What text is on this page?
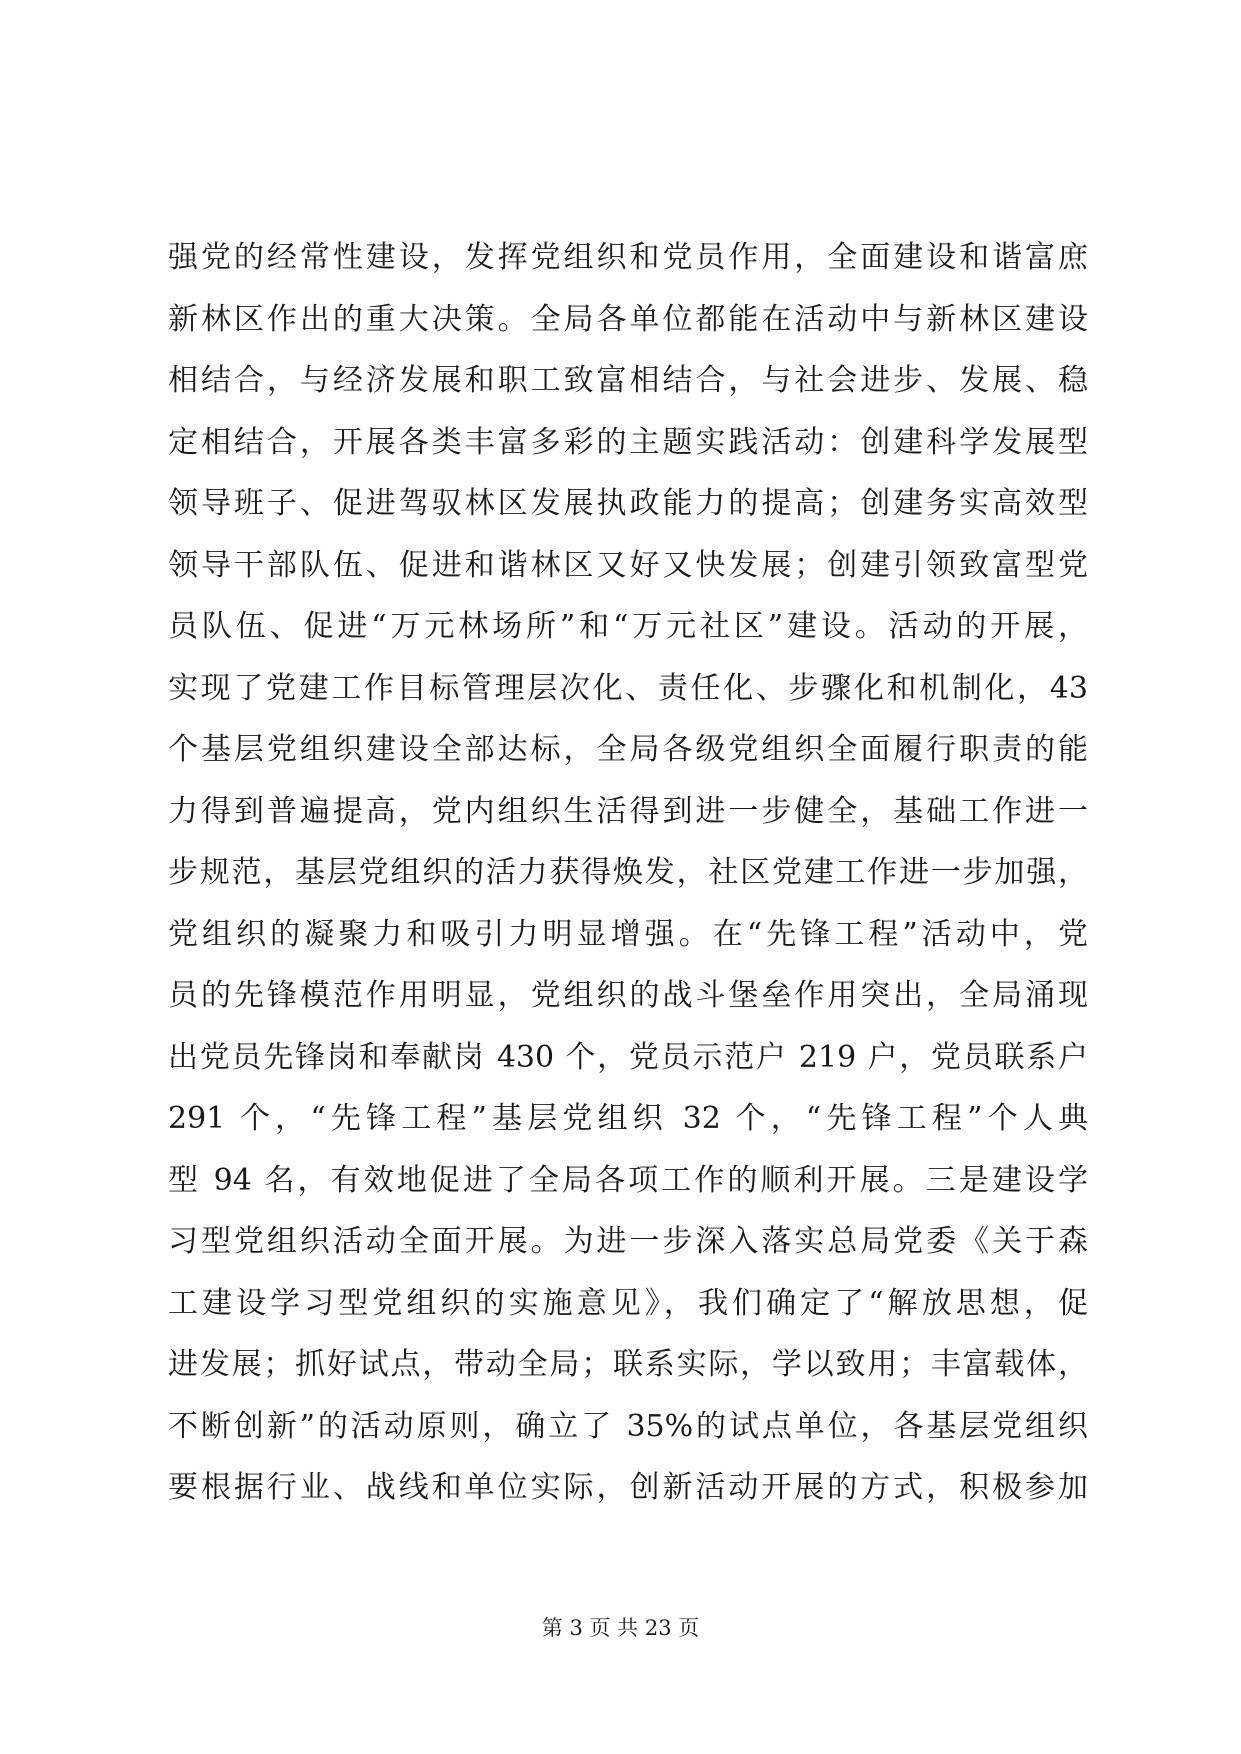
强党的经常性建设，发挥党组织和党员作用，全面建设和谐富庶
新林区作出的重大决策。全局各单位都能在活动中与新林区建设
相结合，与经济发展和职工致富相结合，与社会进步、发展、稳
定相结合，开展各类丰富多彩的主题实践活动：创建科学发展型
领导班子、促进驾驭林区发展执政能力的提高；创建务实高效型
领导干部队伍、促进和谐林区又好又快发展；创建引领致富型党
员队伍、促进“万元林场所”和“万元社区”建设。活动的开展，
实现了党建工作目标管理层次化、责任化、步骤化和机制化，43
个基层党组织建设全部达标，全局各级党组织全面履行职责的能
力得到普遍提高，党内组织生活得到进一步健全，基础工作进一
步规范，基层党组织的活力获得焕发，社区党建工作进一步加强，
党组织的凝聚力和吸引力明显增强。在“先锋工程”活动中，党
员的先锋模范作用明显，党组织的战斗堡垒作用突出，全局涌现
出党员先锋岗和奉献岗 430 个，党员示范户 219 户，党员联系户
291 个，“先锋工程”基层党组织 32 个，“先锋工程”个人典
型 94 名，有效地促进了全局各项工作的顺利开展。三是建设学
习型党组织活动全面开展。为进一步深入落实总局党委《关于森
工建设学习型党组织的实施意见》，我们确定了“解放思想，促
进发展；抓好试点，带动全局；联系实际，学以致用；丰富载体，
不断创新”的活动原则，确立了 35%的试点单位，各基层党组织
要根据行业、战线和单位实际，创新活动开展的方式，积极参加
第 3 页 共 23 页
